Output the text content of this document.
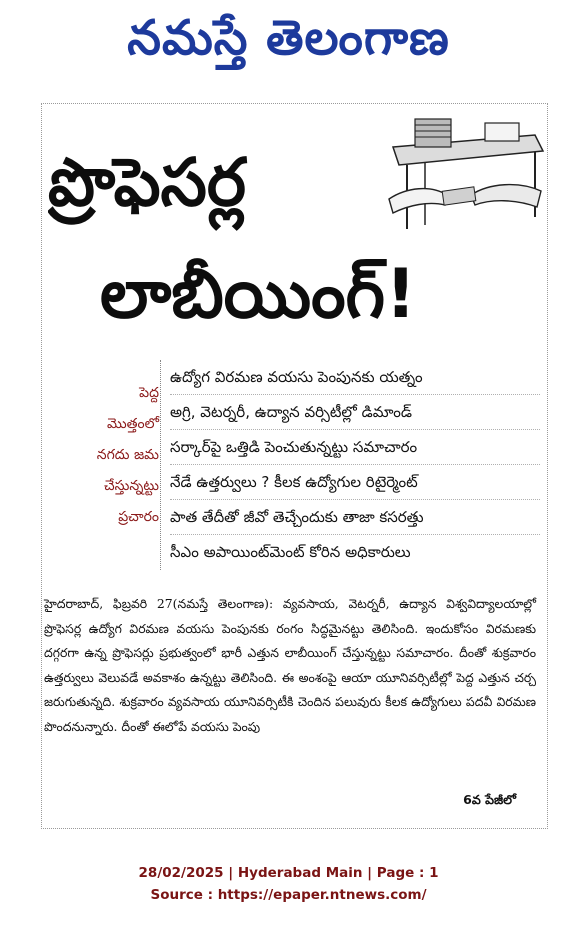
నమస్తే తెలంగాణ
ప్రొఫెసర్ల
లాబీయింగ్!
పెద్ద
మొత్తంలో
నగదు జమ
చేస్తున్నట్టు
ప్రచారం
ఉద్యోగ విరమణ వయసు పెంపునకు యత్నం
అగ్రి, వెటర్నరీ, ఉద్యాన వర్సిటీల్లో డిమాండ్
సర్కార్‌పై ఒత్తిడి పెంచుతున్నట్టు సమాచారం
నేడే ఉత్తర్వులు ? కీలక ఉద్యోగుల రిటైర్మెంట్
పాత తేదీతో జీవో తెచ్చేందుకు తాజా కసరత్తు
సీఎం అపాయింట్‌మెంట్ కోరిన అధికారులు
హైదరాబాద్, ఫిబ్రవరి 27(నమస్తే తెలంగాణ): వ్యవసాయ, వెటర్నరీ, ఉద్యాన విశ్వవిద్యాలయాల్లో ప్రొఫెసర్ల ఉద్యోగ విరమణ వయసు పెంపునకు రంగం సిద్ధమైనట్టు తెలిసింది. ఇందుకోసం విరమణకు దగ్గరగా ఉన్న ప్రొఫెసర్లు ప్రభుత్వంలో భారీ ఎత్తున లాబీయింగ్ చేస్తున్నట్టు సమాచారం. దీంతో శుక్రవారం ఉత్తర్వులు వెలువడే అవకాశం ఉన్నట్టు తెలిసింది. ఈ అంశంపై ఆయా యూనివర్సిటీల్లో పెద్ద ఎత్తున చర్చ జరుగుతున్నది. శుక్రవారం వ్యవసాయ యూనివర్సిటీకి చెందిన పలువురు కీలక ఉద్యోగులు పదవీ విరమణ పొందనున్నారు. దీంతో ఈలోపే వయసు పెంపు
6వ పేజీలో
28/02/2025 | Hyderabad Main | Page : 1
Source : https://epaper.ntnews.com/
